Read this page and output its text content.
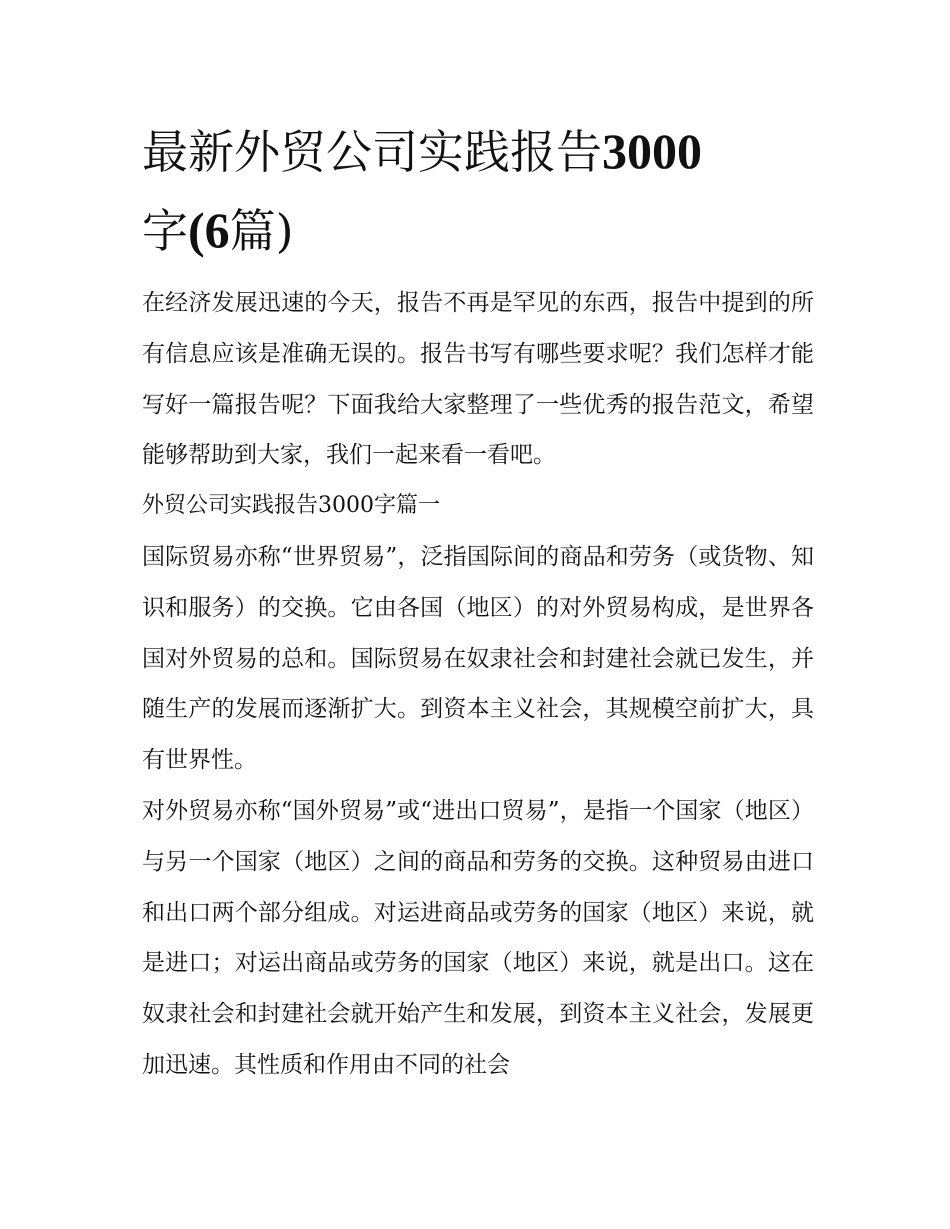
最新外贸公司实践报告3000
字(6篇)

在经济发展迅速的今天，报告不再是罕见的东西，报告中提到的所有信息应该是准确无误的。报告书写有哪些要求呢？我们怎样才能写好一篇报告呢？下面我给大家整理了一些优秀的报告范文，希望能够帮助到大家，我们一起来看一看吧。

外贸公司实践报告3000字篇一

国际贸易亦称“世界贸易”，泛指国际间的商品和劳务（或货物、知识和服务）的交换。它由各国（地区）的对外贸易构成，是世界各国对外贸易的总和。国际贸易在奴隶社会和封建社会就已发生，并随生产的发展而逐渐扩大。到资本主义社会，其规模空前扩大，具有世界性。

对外贸易亦称“国外贸易”或“进出口贸易”，是指一个国家（地区）与另一个国家（地区）之间的商品和劳务的交换。这种贸易由进口和出口两个部分组成。对运进商品或劳务的国家（地区）来说，就是进口；对运出商品或劳务的国家（地区）来说，就是出口。这在奴隶社会和封建社会就开始产生和发展，到资本主义社会，发展更加迅速。其性质和作用由不同的社会
